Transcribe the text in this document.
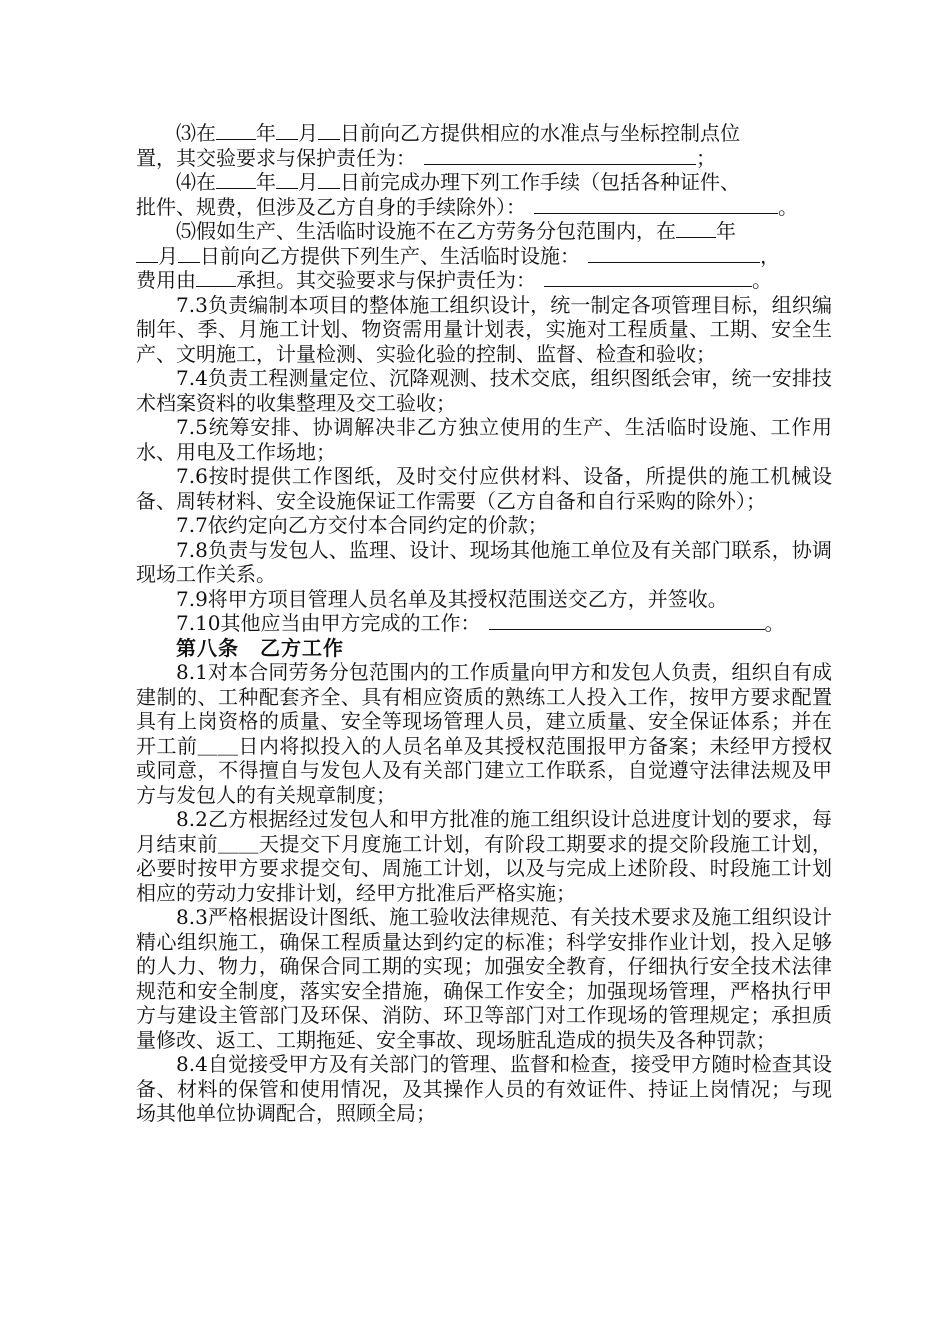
⑶在 年 月 日前向乙方提供相应的水准点与坐标控制点位
置，其交验要求与保护责任为：	；
⑷在 年 月 日前完成办理下列工作手续（包括各种证件、
批件、规费，但涉及乙方自身的手续除外）：	。
⑸假如生产、生活临时设施不在乙方劳务分包范围内，在 年
月 日前向乙方提供下列生产、生活临时设施：	，
费用由 承担。其交验要求与保护责任为：	。

7.3负责编制本项目的整体施工组织设计，统一制定各项管理目标，组织编制年、季、月施工计划、物资需用量计划表，实施对工程质量、工期、安全生产、文明施工，计量检测、实验化验的控制、监督、检查和验收；

7.4负责工程测量定位、沉降观测、技术交底，组织图纸会审，统一安排技术档案资料的收集整理及交工验收；

7.5统筹安排、协调解决非乙方独立使用的生产、生活临时设施、工作用水、用电及工作场地；

7.6按时提供工作图纸，及时交付应供材料、设备，所提供的施工机械设备、周转材料、安全设施保证工作需要（乙方自备和自行采购的除外）；

7.7依约定向乙方交付本合同约定的价款；

7.8负责与发包人、监理、设计、现场其他施工单位及有关部门联系，协调现场工作关系。

7.9将甲方项目管理人员名单及其授权范围送交乙方，并签收。

7.10其他应当由甲方完成的工作：	。

第八条　乙方工作

8.1对本合同劳务分包范围内的工作质量向甲方和发包人负责，组织自有成建制的、工种配套齐全、具有相应资质的熟练工人投入工作，按甲方要求配置具有上岗资格的质量、安全等现场管理人员，建立质量、安全保证体系；并在开工前＿＿日内将拟投入的人员名单及其授权范围报甲方备案；未经甲方授权或同意，不得擅自与发包人及有关部门建立工作联系，自觉遵守法律法规及甲方与发包人的有关规章制度；

8.2乙方根据经过发包人和甲方批准的施工组织设计总进度计划的要求，每月结束前＿＿天提交下月度施工计划，有阶段工期要求的提交阶段施工计划，必要时按甲方要求提交旬、周施工计划，以及与完成上述阶段、时段施工计划相应的劳动力安排计划，经甲方批准后严格实施；

8.3严格根据设计图纸、施工验收法律规范、有关技术要求及施工组织设计精心组织施工，确保工程质量达到约定的标准；科学安排作业计划，投入足够的人力、物力，确保合同工期的实现；加强安全教育，仔细执行安全技术法律规范和安全制度，落实安全措施，确保工作安全；加强现场管理，严格执行甲方与建设主管部门及环保、消防、环卫等部门对工作现场的管理规定；承担质量修改、返工、工期拖延、安全事故、现场脏乱造成的损失及各种罚款；

8.4自觉接受甲方及有关部门的管理、监督和检查，接受甲方随时检查其设备、材料的保管和使用情况，及其操作人员的有效证件、持证上岗情况；与现场其他单位协调配合，照顾全局；
